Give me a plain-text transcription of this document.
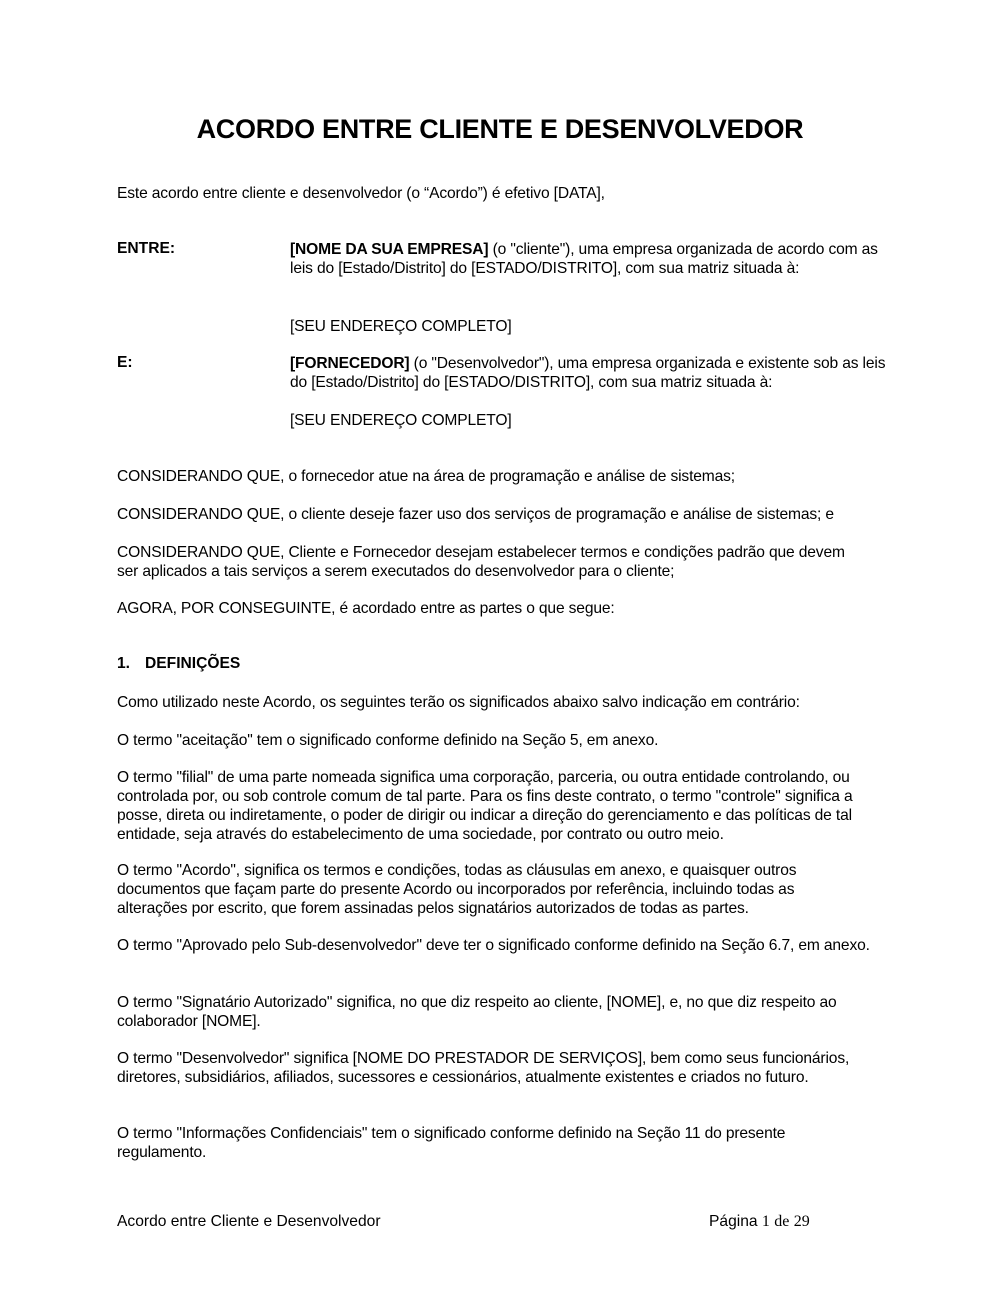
ACORDO ENTRE CLIENTE E DESENVOLVEDOR
Este acordo entre cliente e desenvolvedor (o “Acordo”) é efetivo [DATA],
ENTRE:	[NOME DA SUA EMPRESA] (o "cliente"), uma empresa organizada de acordo com as leis do [Estado/Distrito] do [ESTADO/DISTRITO], com sua matriz situada à:
[SEU ENDEREÇO COMPLETO]
E:	[FORNECEDOR] (o "Desenvolvedor"), uma empresa organizada e existente sob as leis do [Estado/Distrito] do [ESTADO/DISTRITO], com sua matriz situada à:
[SEU ENDEREÇO COMPLETO]
CONSIDERANDO QUE, o fornecedor atue na área de programação e análise de sistemas;
CONSIDERANDO QUE, o cliente deseje fazer uso dos serviços de programação e análise de sistemas; e
CONSIDERANDO QUE, Cliente e Fornecedor desejam estabelecer termos e condições padrão que devem ser aplicados a tais serviços a serem executados do desenvolvedor para o cliente;
AGORA, POR CONSEGUINTE, é acordado entre as partes o que segue:
1. DEFINIÇÕES
Como utilizado neste Acordo, os seguintes terão os significados abaixo salvo indicação em contrário:
O termo "aceitação" tem o significado conforme definido na Seção 5, em anexo.
O termo "filial" de uma parte nomeada significa uma corporação, parceria, ou outra entidade controlando, ou controlada por, ou sob controle comum de tal parte. Para os fins deste contrato, o termo "controle" significa a posse, direta ou indiretamente, o poder de dirigir ou indicar a direção do gerenciamento e das políticas de tal entidade, seja através do estabelecimento de uma sociedade, por contrato ou outro meio.
O termo "Acordo", significa os termos e condições, todas as cláusulas em anexo, e quaisquer outros documentos que façam parte do presente Acordo ou incorporados por referência, incluindo todas as alterações por escrito, que forem assinadas pelos signatários autorizados de todas as partes.
O termo "Aprovado pelo Sub-desenvolvedor" deve ter o significado conforme definido na Seção 6.7, em anexo.
O termo "Signatário Autorizado" significa, no que diz respeito ao cliente, [NOME], e, no que diz respeito ao colaborador [NOME].
O termo "Desenvolvedor" significa [NOME DO PRESTADOR DE SERVIÇOS], bem como seus funcionários, diretores, subsidiários, afiliados, sucessores e cessionários, atualmente existentes e criados no futuro.
O termo "Informações Confidenciais" tem o significado conforme definido na Seção 11 do presente regulamento.
Acordo entre Cliente e Desenvolvedor	Página 1 de 29
